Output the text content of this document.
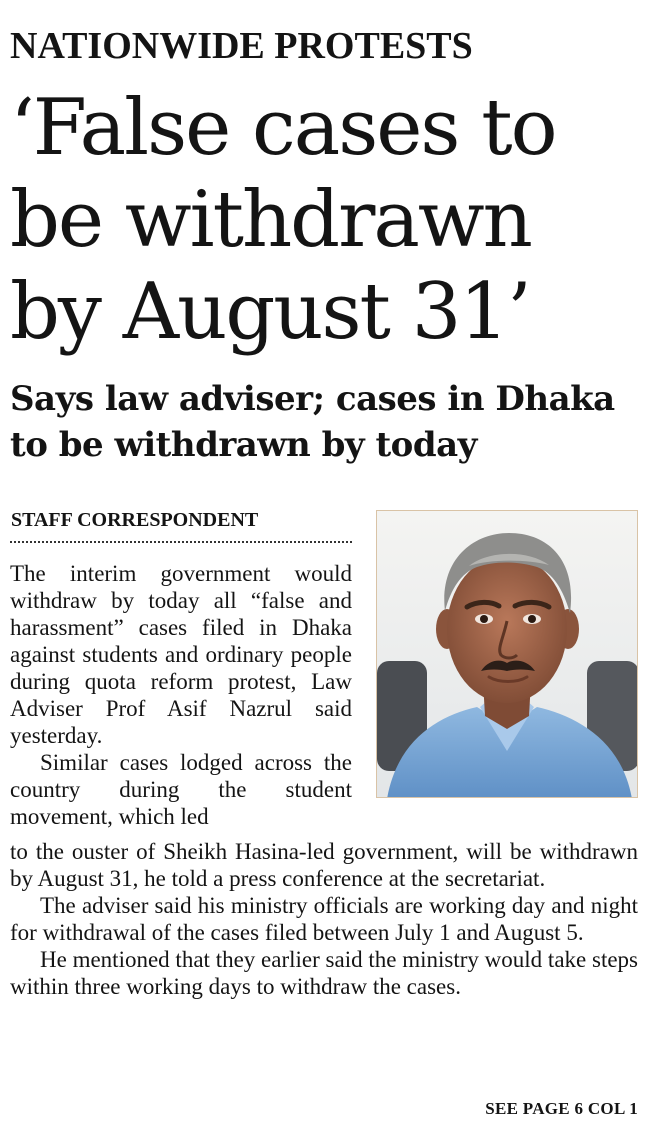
NATIONWIDE PROTESTS
‘False cases to
be withdrawn
by August 31’
Says law adviser; cases in Dhaka
to be withdrawn by today
STAFF CORRESPONDENT

The interim government would withdraw by today all “false and harassment” cases filed in Dhaka against students and ordinary people during quota reform protest, Law Adviser Prof Asif Nazrul said yesterday.

Similar cases lodged across the country during the student movement, which led

to the ouster of Sheikh Hasina-led government, will be withdrawn by August 31, he told a press conference at the secretariat.

The adviser said his ministry officials are working day and night for withdrawal of the cases filed between July 1 and August 5.

He mentioned that they earlier said the ministry would take steps within three working days to withdraw the cases.

SEE PAGE 6 COL 1
